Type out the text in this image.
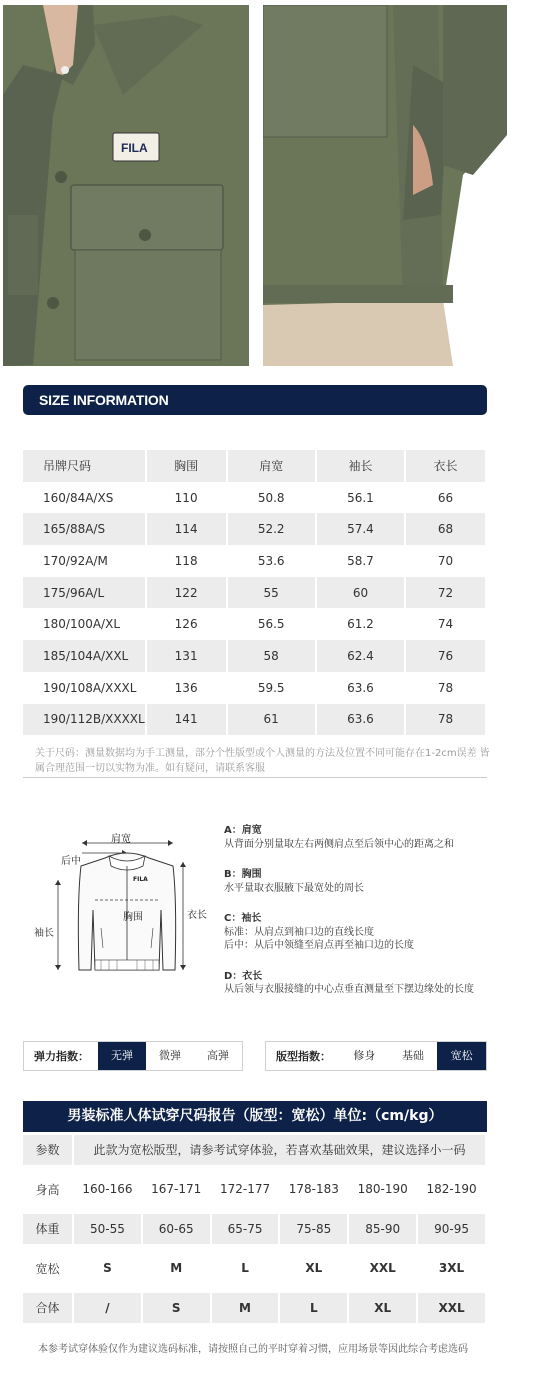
FILA
SIZE INFORMATION
吊牌尺码	胸围	肩宽	袖长	衣长
160/84A/XS	110	50.8	56.1	66
165/88A/S	114	52.2	57.4	68
170/92A/M	118	53.6	58.7	70
175/96A/L	122	55	60	72
180/100A/XL	126	56.5	61.2	74
185/104A/XXL	131	58	62.4	76
190/108A/XXXL	136	59.5	63.6	78
190/112B/XXXXL	141	61	63.6	78
关于尺码：测量数据均为手工测量，部分个性版型或个人测量的方法及位置不同可能存在1-2cm误差 皆属合理范围一切以实物为准。如有疑问，请联系客服
肩宽
后中
FILA
胸围
袖长
衣长
A：肩宽
从背面分别量取左右两侧肩点至后领中心的距离之和
B：胸围
水平量取衣服腋下最宽处的周长
C：袖长
标准：从肩点到袖口边的直线长度
后中：从后中领缝至肩点再至袖口边的长度
D：衣长
从后领与衣服接缝的中心点垂直测量至下摆边缘处的长度
弹力指数：	无弹	微弹	高弹	版型指数：	修身	基础	宽松
男装标准人体试穿尺码报告（版型：宽松）单位:（cm/kg）
参数	此款为宽松版型，请参考试穿体验，若喜欢基础效果，建议选择小一码					
身高	160-166	167-171	172-177	178-183	180-190	182-190
体重	50-55	60-65	65-75	75-85	85-90	90-95
宽松	S	M	L	XL	XXL	3XL
合体	/	S	M	L	XL	XXL
本参考试穿体验仅作为建议选码标准，请按照自己的平时穿着习惯，应用场景等因此综合考虑选码
